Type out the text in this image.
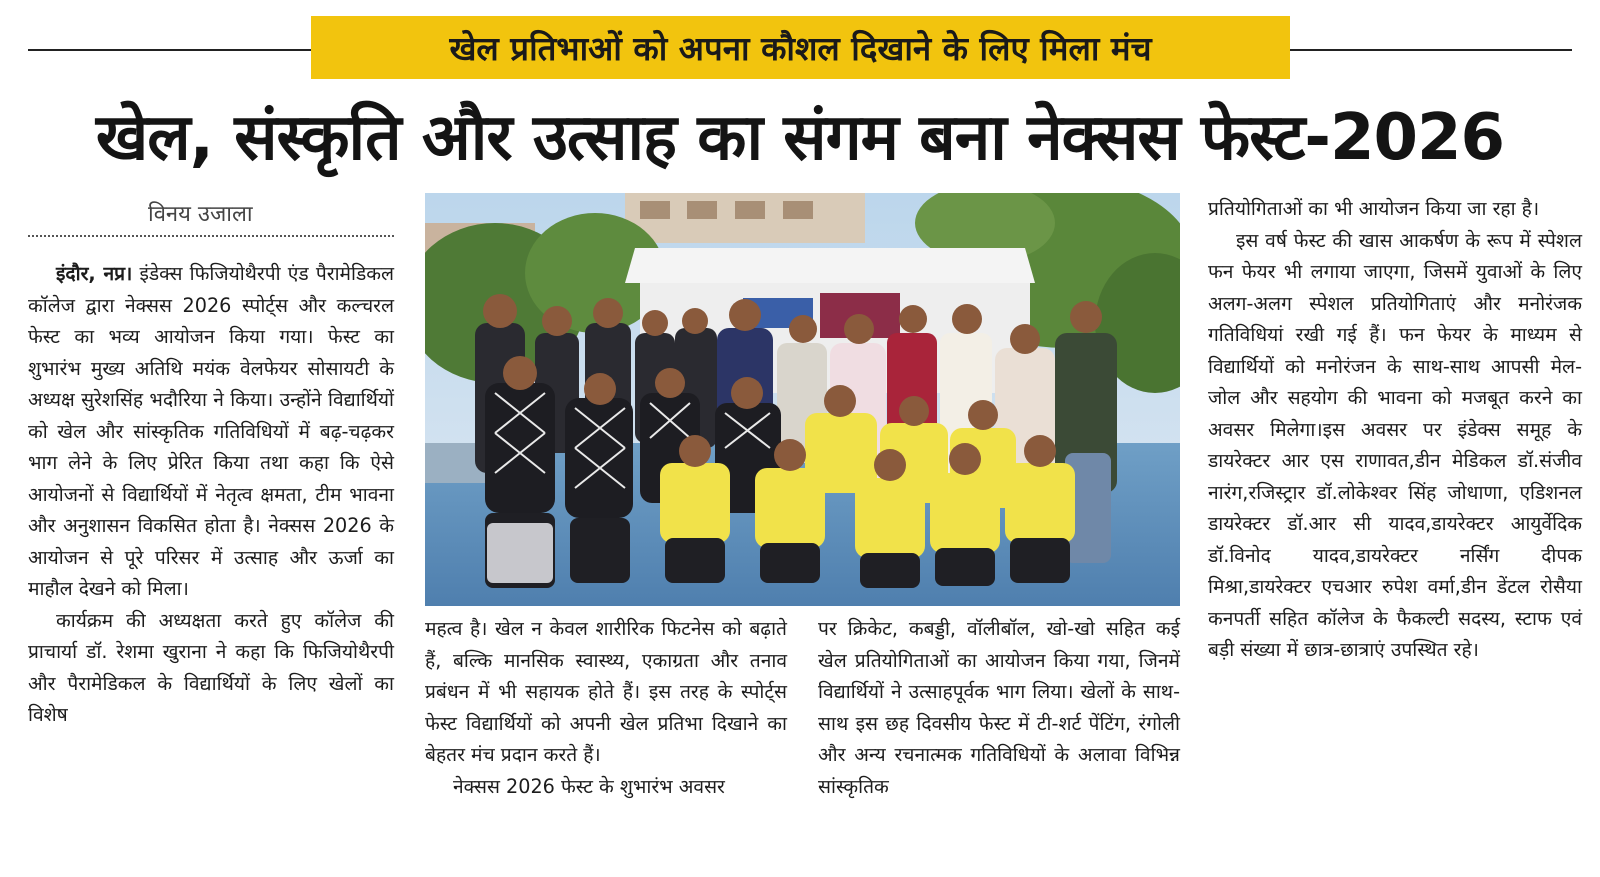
खेल प्रतिभाओं को अपना कौशल दिखाने के लिए मिला मंच
खेल, संस्कृति और उत्साह का संगम बना नेक्सस फेस्ट-2026
विनय उजाला

इंदौर, नप्र। इंडेक्स फिजियोथैरपी एंड पैरामेडिकल कॉलेज द्वारा नेक्सस 2026 स्पोर्ट्स और कल्चरल फेस्ट का भव्य आयोजन किया गया। फेस्ट का शुभारंभ मुख्य अतिथि मयंक वेलफेयर सोसायटी के अध्यक्ष सुरेशसिंह भदौरिया ने किया। उन्होंने विद्यार्थियों को खेल और सांस्कृतिक गतिविधियों में बढ़-चढ़कर भाग लेने के लिए प्रेरित किया तथा कहा कि ऐसे आयोजनों से विद्यार्थियों में नेतृत्व क्षमता, टीम भावना और अनुशासन विकसित होता है। नेक्सस 2026 के आयोजन से पूरे परिसर में उत्साह और ऊर्जा का माहौल देखने को मिला।

कार्यक्रम की अध्यक्षता करते हुए कॉलेज की प्राचार्या डॉ. रेशमा खुराना ने कहा कि फिजियोथैरपी और पैरामेडिकल के विद्यार्थियों के लिए खेलों का विशेष

महत्व है। खेल न केवल शारीरिक फिटनेस को बढ़ाते हैं, बल्कि मानसिक स्वास्थ्य, एकाग्रता और तनाव प्रबंधन में भी सहायक होते हैं। इस तरह के स्पोर्ट्स फेस्ट विद्यार्थियों को अपनी खेल प्रतिभा दिखाने का बेहतर मंच प्रदान करते हैं।

नेक्सस 2026 फेस्ट के शुभारंभ अवसर

पर क्रिकेट, कबड्डी, वॉलीबॉल, खो-खो सहित कई खेल प्रतियोगिताओं का आयोजन किया गया, जिनमें विद्यार्थियों ने उत्साहपूर्वक भाग लिया। खेलों के साथ-साथ इस छह दिवसीय फेस्ट में टी-शर्ट पेंटिंग, रंगोली और अन्य रचनात्मक गतिविधियों के अलावा विभिन्न सांस्कृतिक

प्रतियोगिताओं का भी आयोजन किया जा रहा है।

इस वर्ष फेस्ट की खास आकर्षण के रूप में स्पेशल फन फेयर भी लगाया जाएगा, जिसमें युवाओं के लिए अलग-अलग स्पेशल प्रतियोगिताएं और मनोरंजक गतिविधियां रखी गई हैं। फन फेयर के माध्यम से विद्यार्थियों को मनोरंजन के साथ-साथ आपसी मेल-जोल और सहयोग की भावना को मजबूत करने का अवसर मिलेगा।इस अवसर पर इंडेक्स समूह के डायरेक्टर आर एस राणावत,डीन मेडिकल डॉ.संजीव नारंग,रजिस्ट्रार डॉ.लोकेश्वर सिंह जोधाणा, एडिशनल डायरेक्टर डॉ.आर सी यादव,डायरेक्टर आयुर्वेदिक डॉ.विनोद यादव,डायरेक्टर नर्सिंग दीपक मिश्रा,डायरेक्टर एचआर रुपेश वर्मा,डीन डेंटल रोसैया कनपर्ती सहित कॉलेज के फैकल्टी सदस्य, स्टाफ एवं बड़ी संख्या में छात्र-छात्राएं उपस्थित रहे।
